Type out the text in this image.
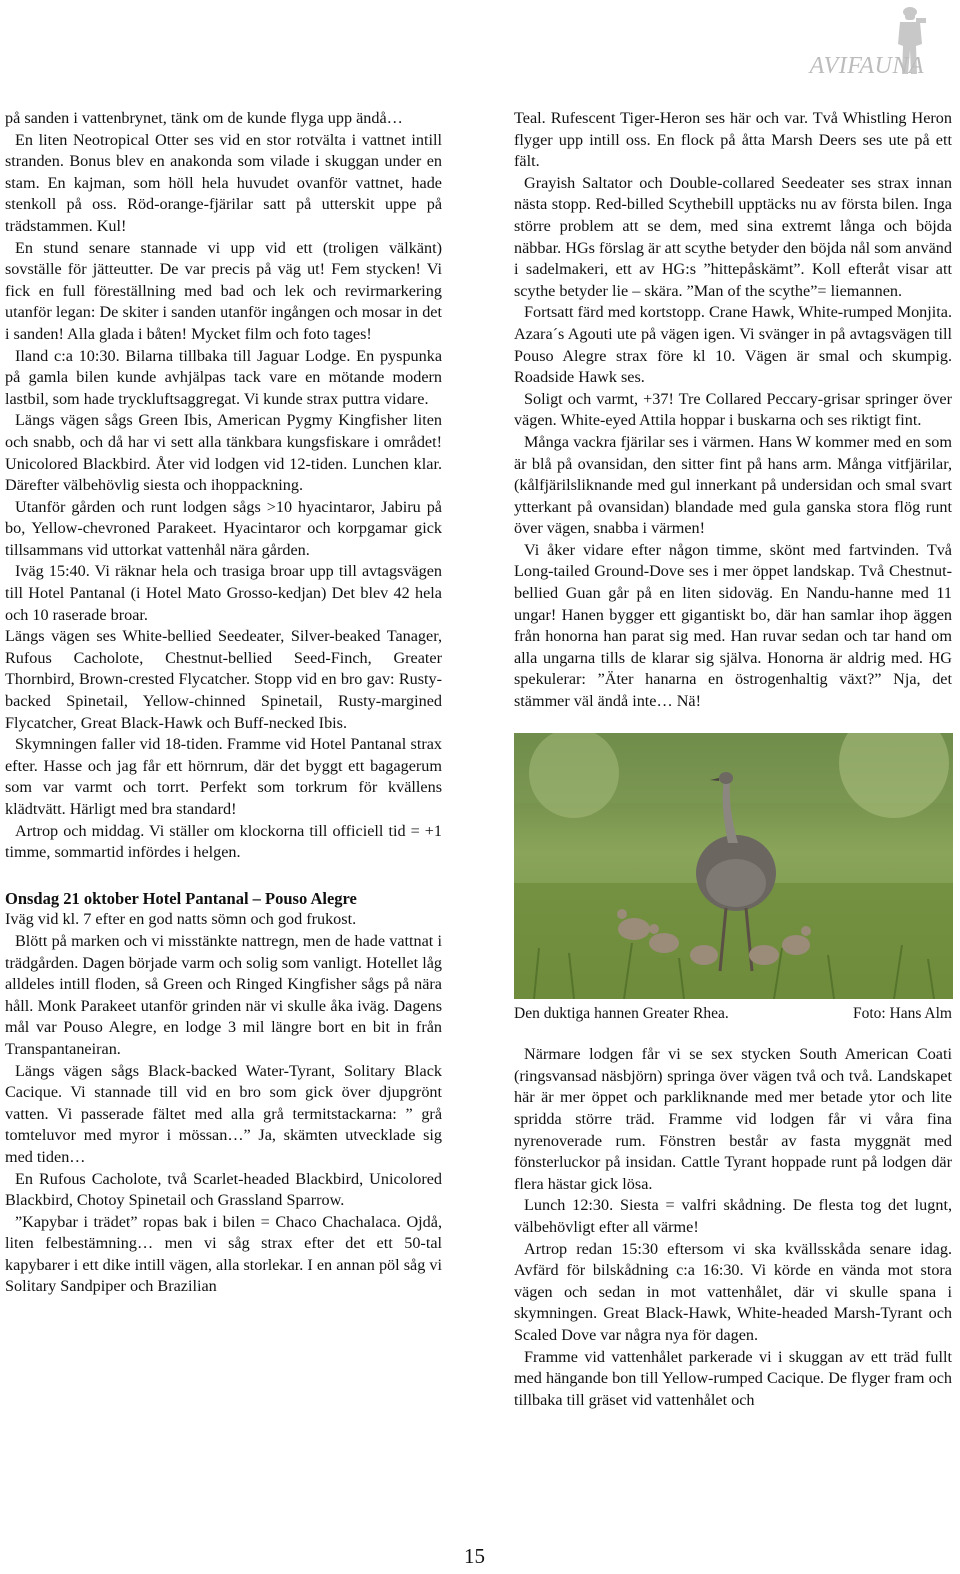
AVIFAUNA

på sanden i vattenbrynet, tänk om de kunde flyga upp ändå…

En liten Neotropical Otter ses vid en stor rotvälta i vattnet intill stranden. Bonus blev en anakonda som vilade i skuggan under en stam. En kajman, som höll hela huvudet ovanför vattnet, hade stenkoll på oss. Röd-orange-fjärilar satt på utterskit uppe på trädstammen. Kul!

En stund senare stannade vi upp vid ett (troligen välkänt) sovställe för jätteutter. De var precis på väg ut! Fem stycken! Vi fick en full föreställning med bad och lek och revirmarkering utanför legan: De skiter i sanden utanför ingången och mosar in det i sanden! Alla glada i båten! Mycket film och foto tages!

Iland c:a 10:30. Bilarna tillbaka till Jaguar Lodge. En pyspunka på gamla bilen kunde avhjälpas tack vare en mötande modern lastbil, som hade tryckluftsaggregat. Vi kunde strax puttra vidare.

Längs vägen sågs Green Ibis, American Pygmy Kingfisher liten och snabb, och då har vi sett alla tänkbara kungsfiskare i området! Unicolored Blackbird. Åter vid lodgen vid 12-tiden. Lunchen klar. Därefter välbehövlig siesta och ihoppackning.

Utanför gården och runt lodgen sågs >10 hyacintaror, Jabiru på bo, Yellow-chevroned Parakeet. Hyacintaror och korpgamar gick tillsammans vid uttorkat vattenhål nära gården.

Iväg 15:40. Vi räknar hela och trasiga broar upp till avtagsvägen till Hotel Pantanal (i Hotel Mato Grosso-kedjan) Det blev 42 hela och 10 raserade broar.

Längs vägen ses White-bellied Seedeater, Silver-beaked Tanager, Rufous Cacholote, Chestnut-bellied Seed-Finch, Greater Thornbird, Brown-crested Flycatcher. Stopp vid en bro gav: Rusty-backed Spinetail, Yellow-chinned Spinetail, Rusty-margined Flycatcher, Great Black-Hawk och Buff-necked Ibis.

Skymningen faller vid 18-tiden. Framme vid Hotel Pantanal strax efter. Hasse och jag får ett hörnrum, där det byggt ett bagagerum som var varmt och torrt. Perfekt som torkrum för kvällens klädtvätt. Härligt med bra standard!

Artrop och middag. Vi ställer om klockorna till officiell tid = +1 timme, sommartid infördes i helgen.

Onsdag 21 oktober Hotel Pantanal – Pouso Alegre

Iväg vid kl. 7 efter en god natts sömn och god frukost.

Blött på marken och vi misstänkte nattregn, men de hade vattnat i trädgården. Dagen började varm och solig som vanligt. Hotellet låg alldeles intill floden, så Green och Ringed Kingfisher sågs på nära håll. Monk Parakeet utanför grinden när vi skulle åka iväg. Dagens mål var Pouso Alegre, en lodge 3 mil längre bort en bit in från Transpantaneiran.

Längs vägen sågs Black-backed Water-Tyrant, Solitary Black Cacique. Vi stannade till vid en bro som gick över djupgrönt vatten. Vi passerade fältet med alla grå termitstackarna: ” grå tomteluvor med myror i mössan…” Ja, skämten utvecklade sig med tiden…

En Rufous Cacholote, två Scarlet-headed Blackbird, Unicolored Blackbird, Chotoy Spinetail och Grassland Sparrow.

”Kapybar i trädet” ropas bak i bilen = Chaco Chachalaca. Ojdå, liten felbestämning… men vi såg strax efter det ett 50-tal kapybarer i ett dike intill vägen, alla storlekar. I en annan pöl såg vi Solitary Sandpiper och Brazilian

Teal. Rufescent Tiger-Heron ses här och var. Två Whistling Heron flyger upp intill oss. En flock på åtta Marsh Deers ses ute på ett fält.

Grayish Saltator och Double-collared Seedeater ses strax innan nästa stopp. Red-billed Scythebill upptäcks nu av första bilen. Inga större problem att se dem, med sina extremt långa och böjda näbbar. HGs förslag är att scythe betyder den böjda nål som använd i sadelmakeri, ett av HG:s ”hittepåskämt”. Koll efteråt visar att scythe betyder lie – skära. ”Man of the scythe”= liemannen.

Fortsatt färd med kortstopp. Crane Hawk, White-rumped Monjita. Azara´s Agouti ute på vägen igen. Vi svänger in på avtagsvägen till Pouso Alegre strax före kl 10. Vägen är smal och skumpig. Roadside Hawk ses.

Soligt och varmt, +37! Tre Collared Peccary-grisar springer över vägen. White-eyed Attila hoppar i buskarna och ses riktigt fint.

Många vackra fjärilar ses i värmen. Hans W kommer med en som är blå på ovansidan, den sitter fint på hans arm. Många vitfjärilar, (kålfjärilsliknande med gul innerkant på undersidan och smal svart ytterkant på ovansidan) blandade med gula ganska stora flög runt över vägen, snabba i värmen!

Vi åker vidare efter någon timme, skönt med fartvinden. Två Long-tailed Ground-Dove ses i mer öppet landskap. Två Chestnut-bellied Guan går på en liten sidoväg. En Nandu-hanne med 11 ungar! Hanen bygger ett gigantiskt bo, där han samlar ihop äggen från honorna han parat sig med. Han ruvar sedan och tar hand om alla ungarna tills de klarar sig själva. Honorna är aldrig med. HG spekulerar: ”Äter hanarna en östrogenhaltig växt?” Nja, det stämmer väl ändå inte… Nä!

Den duktiga hannen Greater Rhea.	Foto: Hans Alm

Närmare lodgen får vi se sex stycken South American Coati (ringsvansad näsbjörn) springa över vägen två och två. Landskapet här är mer öppet och parkliknande med mer betade ytor och lite spridda större träd. Framme vid lodgen får vi våra fina nyrenoverade rum. Fönstren består av fasta myggnät med fönsterluckor på insidan. Cattle Tyrant hoppade runt på lodgen där flera hästar gick lösa.

Lunch 12:30. Siesta = valfri skådning. De flesta tog det lugnt, välbehövligt efter all värme!

Artrop redan 15:30 eftersom vi ska kvällsskåda senare idag. Avfärd för bilskådning c:a 16:30. Vi körde en vända mot stora vägen och sedan in mot vattenhålet, där vi skulle spana i skymningen. Great Black-Hawk, White-headed Marsh-Tyrant och Scaled Dove var några nya för dagen.

Framme vid vattenhålet parkerade vi i skuggan av ett träd fullt med hängande bon till Yellow-rumped Cacique. De flyger fram och tillbaka till gräset vid vattenhålet och

15
